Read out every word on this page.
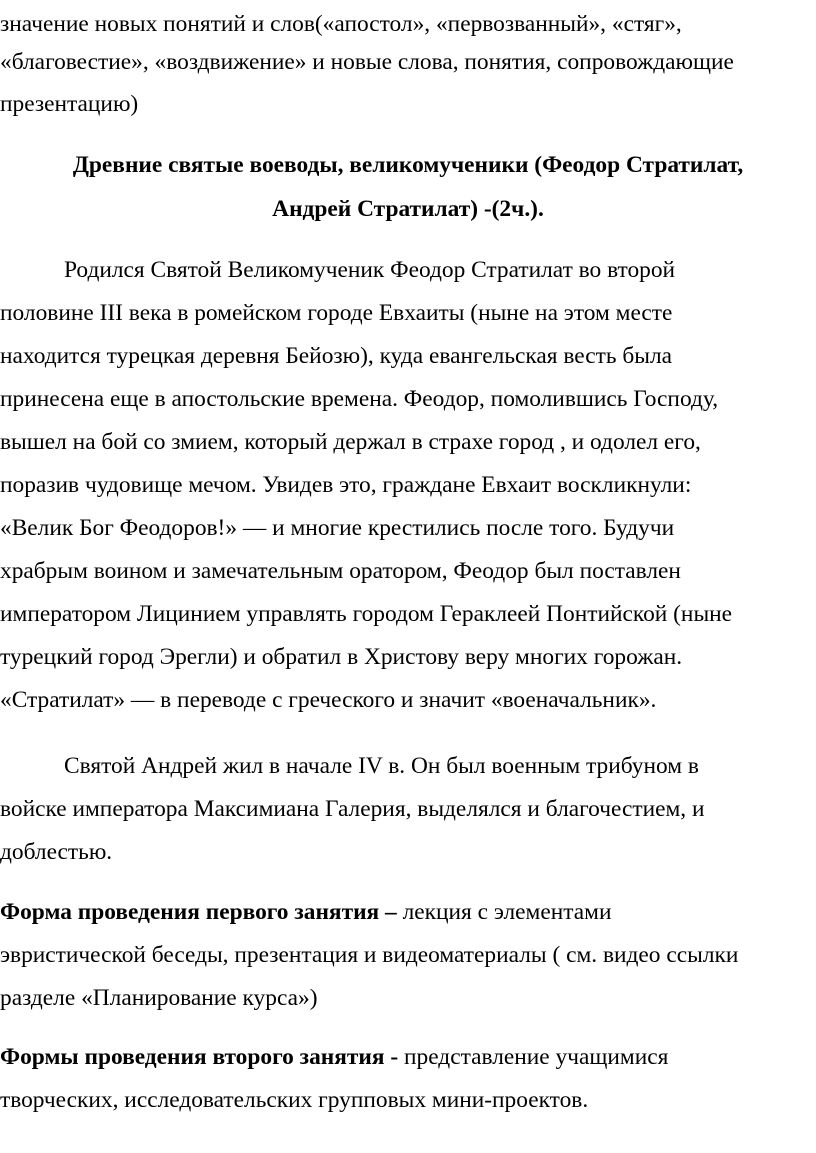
значение новых понятий и слов(«апостол», «первозванный», «стяг»,
«благовестие», «воздвижение» и новые слова, понятия, сопровождающие
презентацию)
Древние святые воеводы, великомученики (Феодор Стратилат,
Андрей Стратилат) -(2ч.).
Родился Святой Великомученик Феодор Стратилат во второй
половине III века в ромейском городе Евхаиты (ныне на этом месте
находится турецкая деревня Бейозю), куда евангельская весть была
принесена еще в апостольские времена. Феодор, помолившись Господу,
вышел на бой со змием, который держал в страхе город , и одолел его,
поразив чудовище мечом. Увидев это, граждане Евхаит воскликнули:
«Велик Бог Феодоров!» — и многие крестились после того. Будучи
храбрым воином и замечательным оратором, Феодор был поставлен
императором Лицинием управлять городом Гераклеей Понтийской (ныне
турецкий город Эрегли) и обратил в Христову веру многих горожан.
«Стратилат» — в переводе с греческого и значит «военачальник».
Святой Андрей жил в начале IV в. Он был военным трибуном в
войске императора Максимиана Галерия, выделялся и благочестием, и
доблестью.
Форма проведения первого занятия – лекция с элементами
эвристической беседы, презентация и видеоматериалы ( см. видео ссылки
разделе «Планирование курса»)
Формы проведения второго занятия - представление учащимися
творческих, исследовательских групповых мини-проектов.
